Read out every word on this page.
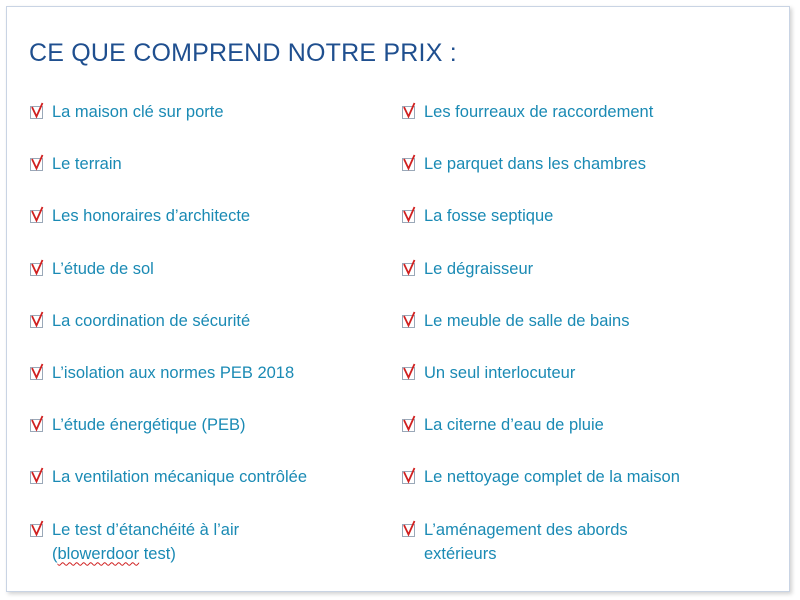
CE QUE COMPREND NOTRE PRIX :
La maison clé sur porte
Le terrain
Les honoraires d’architecte
L’étude de sol
La coordination de sécurité
L’isolation aux normes PEB 2018
L’étude énergétique (PEB)
La ventilation mécanique contrôlée
Le test d’étanchéité à l’air
(blowerdoor test)
Les fourreaux de raccordement
Le parquet dans les chambres
La fosse septique
Le dégraisseur
Le meuble de salle de bains
Un seul interlocuteur
La citerne d’eau de pluie
Le nettoyage complet de la maison
L’aménagement des abords
extérieurs
